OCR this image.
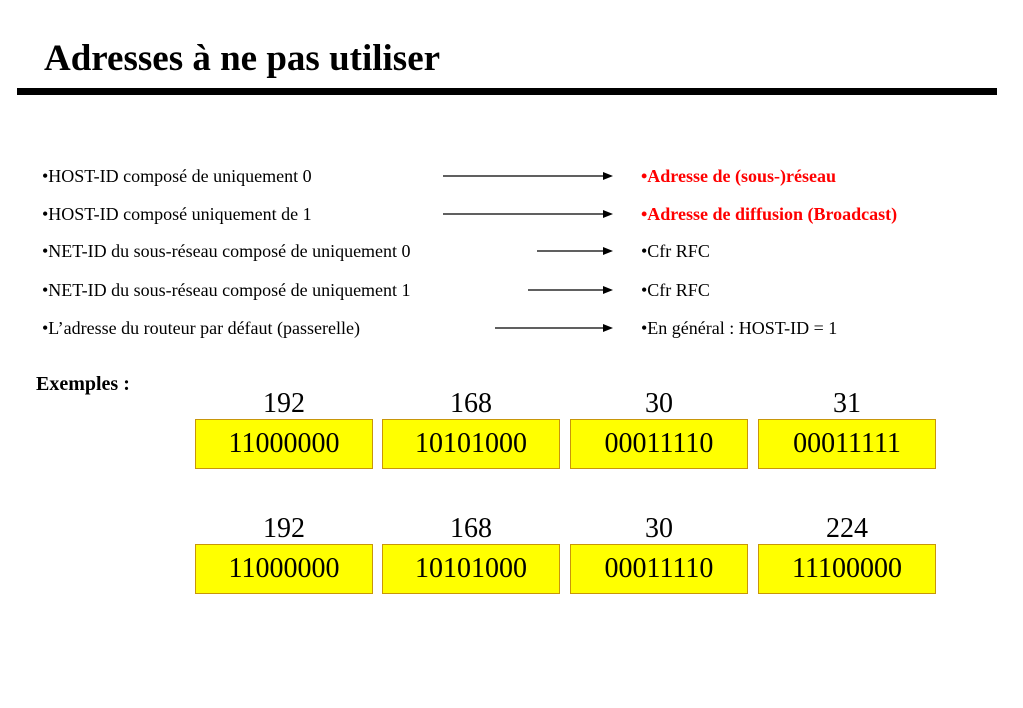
Adresses à ne pas utiliser
•HOST-ID composé de uniquement 0	•Adresse de (sous-)réseau
•HOST-ID composé uniquement de 1	•Adresse de diffusion (Broadcast)
•NET-ID du sous-réseau composé de uniquement 0	•Cfr RFC
•NET-ID du sous-réseau composé de uniquement 1	•Cfr RFC
•L’adresse du routeur par défaut (passerelle)	•En général : HOST-ID = 1
Exemples :
192
11000000
168
10101000
30
00011110
31
00011111
192
11000000
168
10101000
30
00011110
224
11100000
